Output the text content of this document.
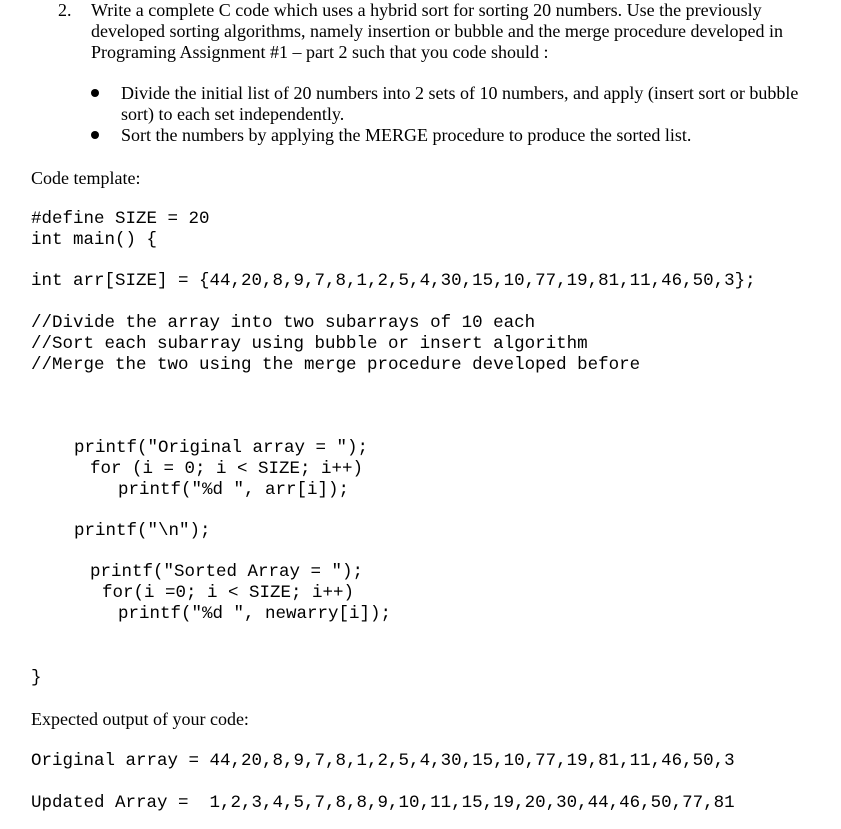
2. Write a complete C code which uses a hybrid sort for sorting 20 numbers. Use the previously
developed sorting algorithms, namely insertion or bubble and the merge procedure developed in
Programing Assignment #1 – part 2 such that you code should :
Divide the initial list of 20 numbers into 2 sets of 10 numbers, and apply (insert sort or bubble
sort) to each set independently.
Sort the numbers by applying the MERGE procedure to produce the sorted list.
Code template:
#define SIZE = 20
int main() {
int arr[SIZE] = {44,20,8,9,7,8,1,2,5,4,30,15,10,77,19,81,11,46,50,3};
//Divide the array into two subarrays of 10 each
//Sort each subarray using bubble or insert algorithm
//Merge the two using the merge procedure developed before
printf("Original array = ");
for (i = 0; i < SIZE; i++)
printf("%d ", arr[i]);
printf("\n");
printf("Sorted Array = ");
for(i =0; i < SIZE; i++)
printf("%d ", newarry[i]);
}
Expected output of your code:
Original array = 44,20,8,9,7,8,1,2,5,4,30,15,10,77,19,81,11,46,50,3
Updated Array =  1,2,3,4,5,7,8,8,9,10,11,15,19,20,30,44,46,50,77,81
